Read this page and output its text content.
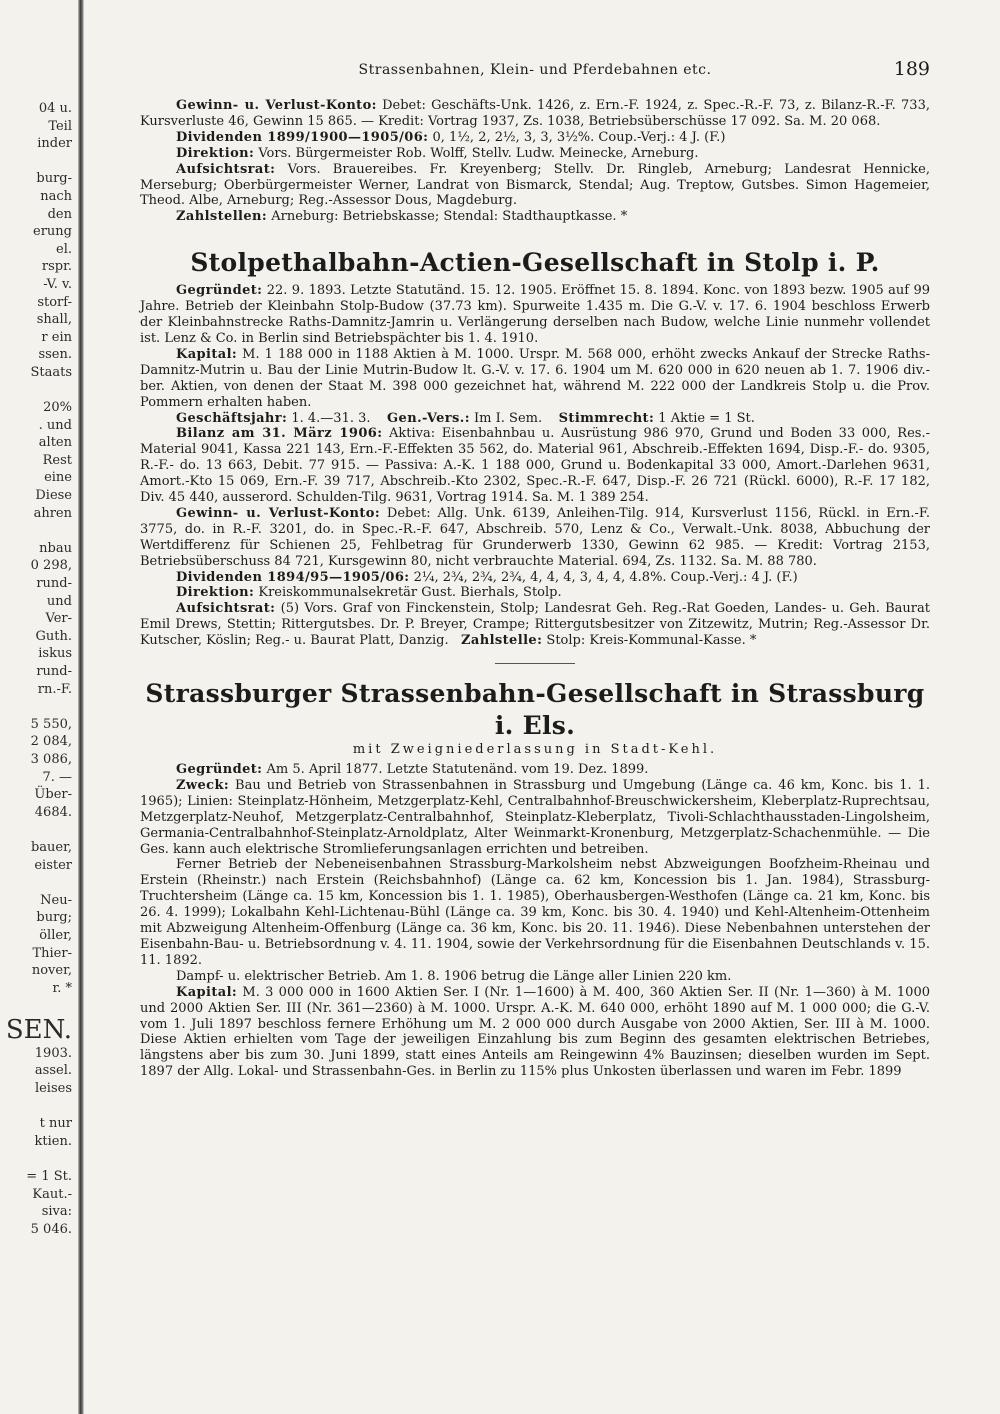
04 u.
Teil
inder
burg-
nach
den
erung
el.
rspr.
-V. v.
storf-
shall,
r ein
ssen.
Staats
20%
. und
alten
Rest
eine
Diese
ahren
nbau
0 298,
rund-
und
Ver-
Guth.
iskus
rund-
rn.-F.
5 550,
2 084,
3 086,
7. —
Über-
4684.
bauer,
eister
Neu-
burg;
öller,
Thier-
nover,
r. *
SEN.
1903.
assel.
leises
t nur
ktien.
= 1 St.
Kaut.-
siva:
5 046.
Strassenbahnen, Klein- und Pferdebahnen etc.	189

Gewinn- u. Verlust-Konto: Debet: Geschäfts-Unk. 1426, z. Ern.-F. 1924, z. Spec.-R.-F. 73, z. Bilanz-R.-F. 733, Kursverluste 46, Gewinn 15 865. — Kredit: Vortrag 1937, Zs. 1038, Betriebsüberschüsse 17 092. Sa. M. 20 068.

Dividenden 1899/1900—1905/06: 0, 1½, 2, 2½, 3, 3, 3½%. Coup.-Verj.: 4 J. (F.)

Direktion: Vors. Bürgermeister Rob. Wolff, Stellv. Ludw. Meinecke, Arneburg.

Aufsichtsrat: Vors. Brauereibes. Fr. Kreyenberg; Stellv. Dr. Ringleb, Arneburg; Landesrat Hennicke, Merseburg; Oberbürgermeister Werner, Landrat von Bismarck, Stendal; Aug. Treptow, Gutsbes. Simon Hagemeier, Theod. Albe, Arneburg; Reg.-Assessor Dous, Magdeburg.

Zahlstellen: Arneburg: Betriebskasse; Stendal: Stadthauptkasse. *

Stolpethalbahn-Actien-Gesellschaft in Stolp i. P.

Gegründet: 22. 9. 1893. Letzte Statutänd. 15. 12. 1905. Eröffnet 15. 8. 1894. Konc. von 1893 bezw. 1905 auf 99 Jahre. Betrieb der Kleinbahn Stolp-Budow (37.73 km). Spurweite 1.435 m. Die G.-V. v. 17. 6. 1904 beschloss Erwerb der Kleinbahnstrecke Raths-Damnitz-Jamrin u. Verlängerung derselben nach Budow, welche Linie nunmehr vollendet ist. Lenz & Co. in Berlin sind Betriebspächter bis 1. 4. 1910.

Kapital: M. 1 188 000 in 1188 Aktien à M. 1000. Urspr. M. 568 000, erhöht zwecks Ankauf der Strecke Raths-Damnitz-Mutrin u. Bau der Linie Mutrin-Budow lt. G.-V. v. 17. 6. 1904 um M. 620 000 in 620 neuen ab 1. 7. 1906 div.-ber. Aktien, von denen der Staat M. 398 000 gezeichnet hat, während M. 222 000 der Landkreis Stolp u. die Prov. Pommern erhalten haben.

Geschäftsjahr: 1. 4.—31. 3. Gen.-Vers.: Im I. Sem. Stimmrecht: 1 Aktie = 1 St.

Bilanz am 31. März 1906: Aktiva: Eisenbahnbau u. Ausrüstung 986 970, Grund und Boden 33 000, Res.-Material 9041, Kassa 221 143, Ern.-F.-Effekten 35 562, do. Material 961, Abschreib.-Effekten 1694, Disp.-F.- do. 9305, R.-F.- do. 13 663, Debit. 77 915. — Passiva: A.-K. 1 188 000, Grund u. Bodenkapital 33 000, Amort.-Darlehen 9631, Amort.-Kto 15 069, Ern.-F. 39 717, Abschreib.-Kto 2302, Spec.-R.-F. 647, Disp.-F. 26 721 (Rückl. 6000), R.-F. 17 182, Div. 45 440, ausserord. Schulden-Tilg. 9631, Vortrag 1914. Sa. M. 1 389 254.

Gewinn- u. Verlust-Konto: Debet: Allg. Unk. 6139, Anleihen-Tilg. 914, Kursverlust 1156, Rückl. in Ern.-F. 3775, do. in R.-F. 3201, do. in Spec.-R.-F. 647, Abschreib. 570, Lenz & Co., Verwalt.-Unk. 8038, Abbuchung der Wertdifferenz für Schienen 25, Fehlbetrag für Grunderwerb 1330, Gewinn 62 985. — Kredit: Vortrag 2153, Betriebsüberschuss 84 721, Kursgewinn 80, nicht verbrauchte Material. 694, Zs. 1132. Sa. M. 88 780.

Dividenden 1894/95—1905/06: 2¼, 2¾, 2¾, 2¾, 4, 4, 4, 3, 4, 4, 4.8%. Coup.-Verj.: 4 J. (F.)

Direktion: Kreiskommunalsekretär Gust. Bierhals, Stolp.

Aufsichtsrat: (5) Vors. Graf von Finckenstein, Stolp; Landesrat Geh. Reg.-Rat Goeden, Landes- u. Geh. Baurat Emil Drews, Stettin; Rittergutsbes. Dr. P. Breyer, Crampe; Rittergutsbesitzer von Zitzewitz, Mutrin; Reg.-Assessor Dr. Kutscher, Köslin; Reg.- u. Baurat Platt, Danzig. Zahlstelle: Stolp: Kreis-Kommunal-Kasse. *

Strassburger Strassenbahn-Gesellschaft in Strassburg i. Els.
mit Zweigniederlassung in Stadt-Kehl.

Gegründet: Am 5. April 1877. Letzte Statutenänd. vom 19. Dez. 1899.

Zweck: Bau und Betrieb von Strassenbahnen in Strassburg und Umgebung (Länge ca. 46 km, Konc. bis 1. 1. 1965); Linien: Steinplatz-Hönheim, Metzgerplatz-Kehl, Centralbahnhof-Breuschwickersheim, Kleberplatz-Ruprechtsau, Metzgerplatz-Neuhof, Metzgerplatz-Centralbahnhof, Steinplatz-Kleberplatz, Tivoli-Schlachthausstaden-Lingolsheim, Germania-Centralbahnhof-Steinplatz-Arnoldplatz, Alter Weinmarkt-Kronenburg, Metzgerplatz-Schachenmühle. — Die Ges. kann auch elektrische Stromlieferungsanlagen errichten und betreiben.

Ferner Betrieb der Nebeneisenbahnen Strassburg-Markolsheim nebst Abzweigungen Boofzheim-Rheinau und Erstein (Rheinstr.) nach Erstein (Reichsbahnhof) (Länge ca. 62 km, Koncession bis 1. Jan. 1984), Strassburg-Truchtersheim (Länge ca. 15 km, Koncession bis 1. 1. 1985), Oberhausbergen-Westhofen (Länge ca. 21 km, Konc. bis 26. 4. 1999); Lokalbahn Kehl-Lichtenau-Bühl (Länge ca. 39 km, Konc. bis 30. 4. 1940) und Kehl-Altenheim-Ottenheim mit Abzweigung Altenheim-Offenburg (Länge ca. 36 km, Konc. bis 20. 11. 1946). Diese Nebenbahnen unterstehen der Eisenbahn-Bau- u. Betriebsordnung v. 4. 11. 1904, sowie der Verkehrsordnung für die Eisenbahnen Deutschlands v. 15. 11. 1892.

Dampf- u. elektrischer Betrieb. Am 1. 8. 1906 betrug die Länge aller Linien 220 km.

Kapital: M. 3 000 000 in 1600 Aktien Ser. I (Nr. 1—1600) à M. 400, 360 Aktien Ser. II (Nr. 1—360) à M. 1000 und 2000 Aktien Ser. III (Nr. 361—2360) à M. 1000. Urspr. A.-K. M. 640 000, erhöht 1890 auf M. 1 000 000; die G.-V. vom 1. Juli 1897 beschloss fernere Erhöhung um M. 2 000 000 durch Ausgabe von 2000 Aktien, Ser. III à M. 1000. Diese Aktien erhielten vom Tage der jeweiligen Einzahlung bis zum Beginn des gesamten elektrischen Betriebes, längstens aber bis zum 30. Juni 1899, statt eines Anteils am Reingewinn 4% Bauzinsen; dieselben wurden im Sept. 1897 der Allg. Lokal- und Strassenbahn-Ges. in Berlin zu 115% plus Unkosten überlassen und waren im Febr. 1899
